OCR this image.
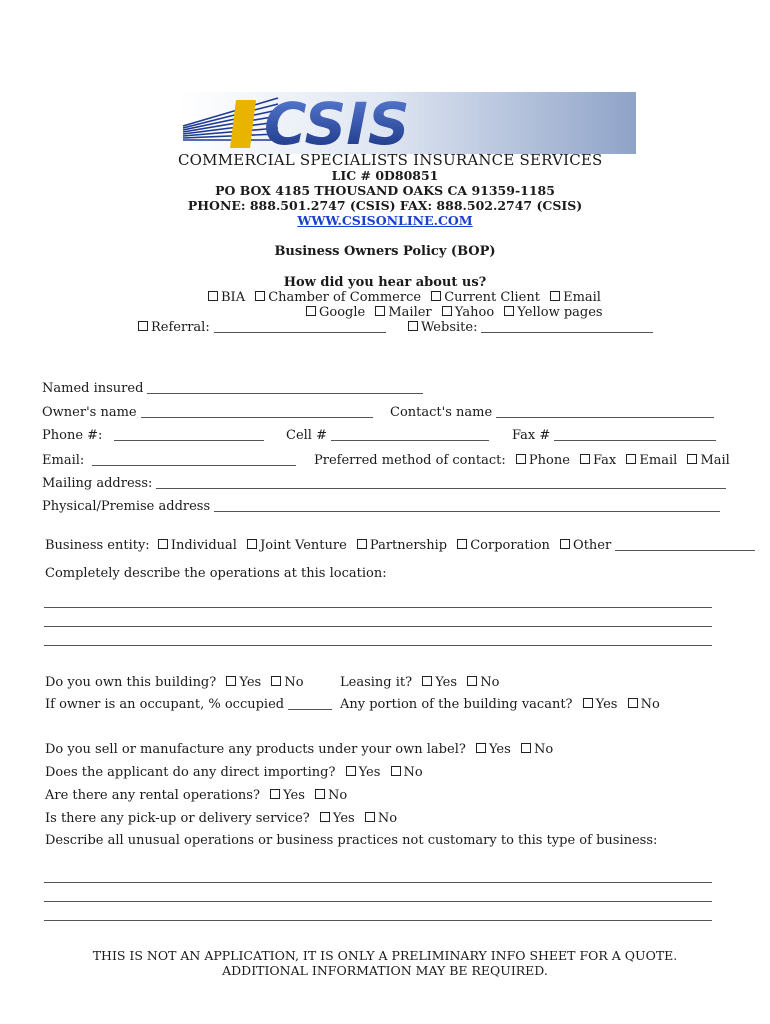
CSIS
COMMERCIAL SPECIALISTS INSURANCE SERVICES
LIC # 0D80851
PO BOX 4185 THOUSAND OAKS CA 91359-1185
PHONE: 888.501.2747 (CSIS) FAX: 888.502.2747 (CSIS)
WWW.CSISONLINE.COM
Business Owners Policy (BOP)
How did you hear about us?
BIA Chamber of Commerce Current Client Email
Google Mailer Yahoo Yellow pages
Referral:	Website:
Named insured
Owner's name	Contact's name
Phone #:	Cell #	Fax #
Email:	Preferred method of contact: Phone Fax Email Mail
Mailing address:
Physical/Premise address
Business entity: Individual Joint Venture Partnership Corporation Other
Completely describe the operations at this location:
Do you own this building? Yes No	Leasing it? Yes No
If owner is an occupant, % occupied	Any portion of the building vacant? Yes No
Do you sell or manufacture any products under your own label? Yes No
Does the applicant do any direct importing? Yes No
Are there any rental operations? Yes No
Is there any pick-up or delivery service? Yes No
Describe all unusual operations or business practices not customary to this type of business:
THIS IS NOT AN APPLICATION, IT IS ONLY A PRELIMINARY INFO SHEET FOR A QUOTE.
ADDITIONAL INFORMATION MAY BE REQUIRED.
